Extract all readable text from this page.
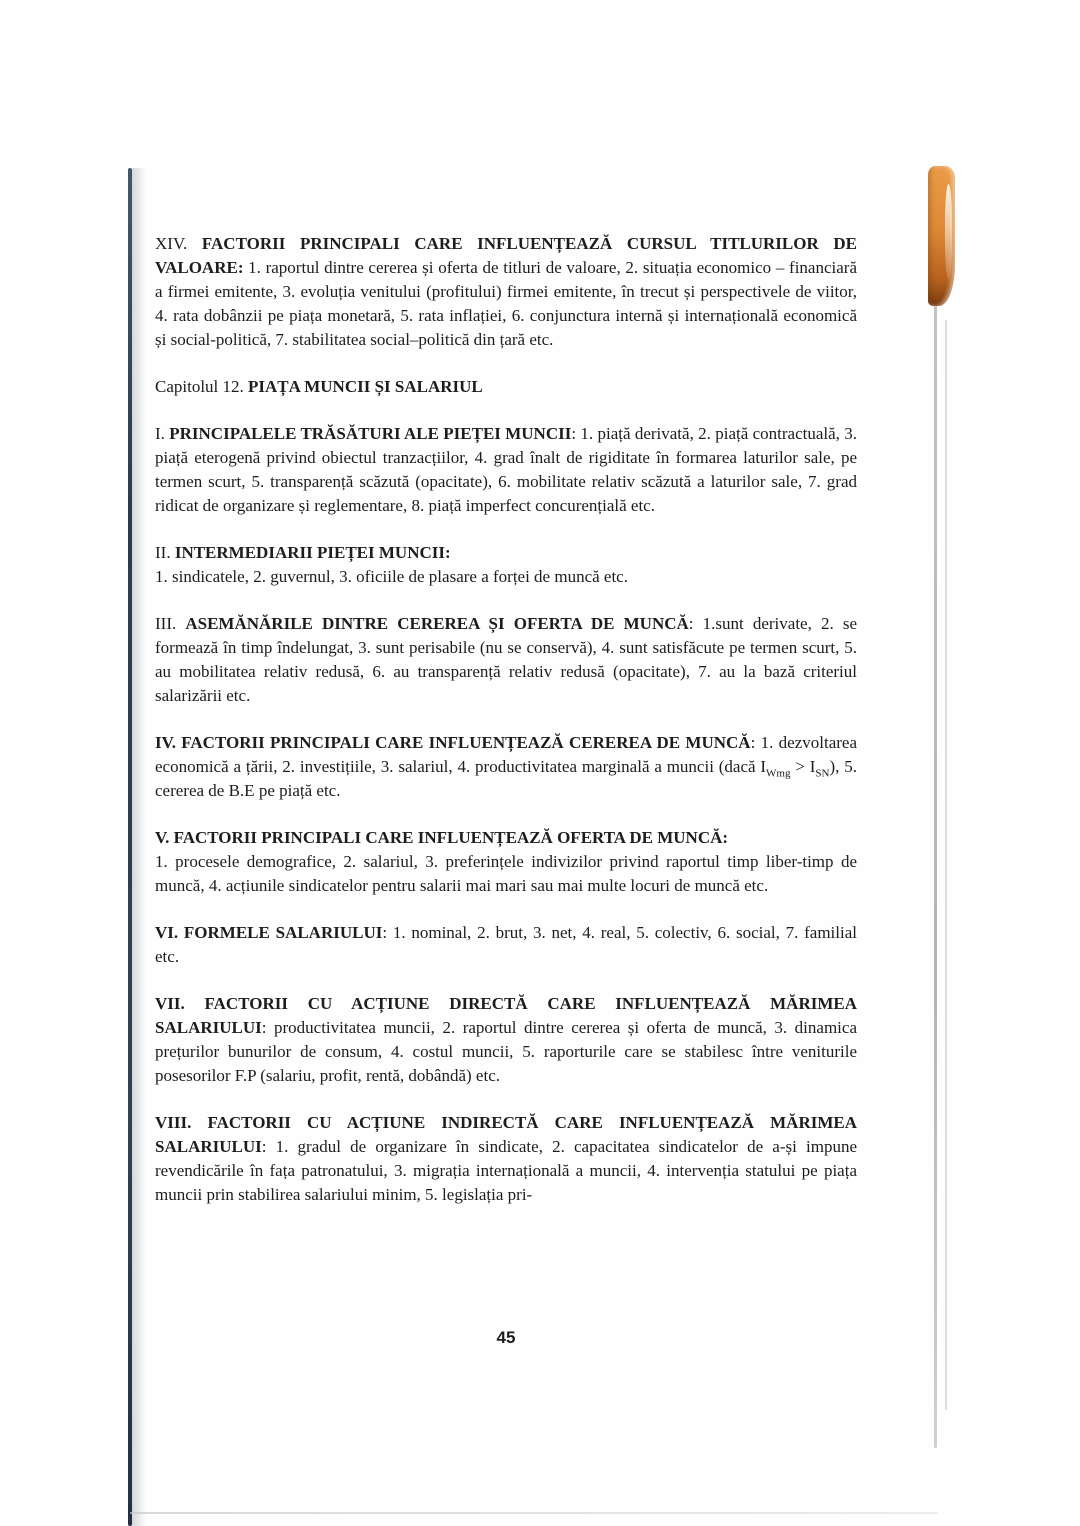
XIV. FACTORII PRINCIPALI CARE INFLUENȚEAZĂ CURSUL TITLURILOR DE VALOARE: 1. raportul dintre cererea și oferta de titluri de valoare, 2. situația economico – financiară a firmei emitente, 3. evoluția venitului (profitului) firmei emitente, în trecut și perspectivele de viitor, 4. rata dobânzii pe piața monetară, 5. rata inflației, 6. conjunctura internă și internațională economică și social-politică, 7. stabilitatea social–politică din țară etc.

Capitolul 12. PIAȚA MUNCII ȘI SALARIUL

I. PRINCIPALELE TRĂSĂTURI ALE PIEȚEI MUNCII: 1. piață derivată, 2. piață contractuală, 3. piață eterogenă privind obiectul tranzacțiilor, 4. grad înalt de rigiditate în formarea laturilor sale, pe termen scurt, 5. transparență scăzută (opacitate), 6. mobilitate relativ scăzută a laturilor sale, 7. grad ridicat de organizare și reglementare, 8. piață imperfect concurențială etc.

II. INTERMEDIARII PIEȚEI MUNCII:
1. sindicatele, 2. guvernul, 3. oficiile de plasare a forței de muncă etc.

III. ASEMĂNĂRILE DINTRE CEREREA ȘI OFERTA DE MUNCĂ: 1.sunt derivate, 2. se formează în timp îndelungat, 3. sunt perisabile (nu se conservă), 4. sunt satisfăcute pe termen scurt, 5. au mobilitatea relativ redusă, 6. au transparență relativ redusă (opacitate), 7. au la bază criteriul salarizării etc.

IV. FACTORII PRINCIPALI CARE INFLUENȚEAZĂ CEREREA DE MUNCĂ: 1. dezvoltarea economică a țării, 2. investițiile, 3. salariul, 4. productivitatea marginală a muncii (dacă $I_{Wmg} > I_{SN}$), 5. cererea de B.E pe piață etc.

V. FACTORII PRINCIPALI CARE INFLUENȚEAZĂ OFERTA DE MUNCĂ:
1. procesele demografice, 2. salariul, 3. preferințele indivizilor privind raportul timp liber-timp de muncă, 4. acțiunile sindicatelor pentru salarii mai mari sau mai multe locuri de muncă etc.

VI. FORMELE SALARIULUI: 1. nominal, 2. brut, 3. net, 4. real, 5. colectiv, 6. social, 7. familial etc.

VII. FACTORII CU ACȚIUNE DIRECTĂ CARE INFLUENȚEAZĂ MĂRIMEA SALARIULUI: productivitatea muncii, 2. raportul dintre cererea și oferta de muncă, 3. dinamica prețurilor bunurilor de consum, 4. costul muncii, 5. raporturile care se stabilesc între veniturile posesorilor F.P (salariu, profit, rentă, dobândă) etc.

VIII. FACTORII CU ACȚIUNE INDIRECTĂ CARE INFLUENȚEAZĂ MĂRIMEA SALARIULUI: 1. gradul de organizare în sindicate, 2. capacitatea sindicatelor de a-și impune revendicările în fața patronatului, 3. migrația internațională a muncii, 4. intervenția statului pe piața muncii prin stabilirea salariului minim, 5. legislația pri-

45
